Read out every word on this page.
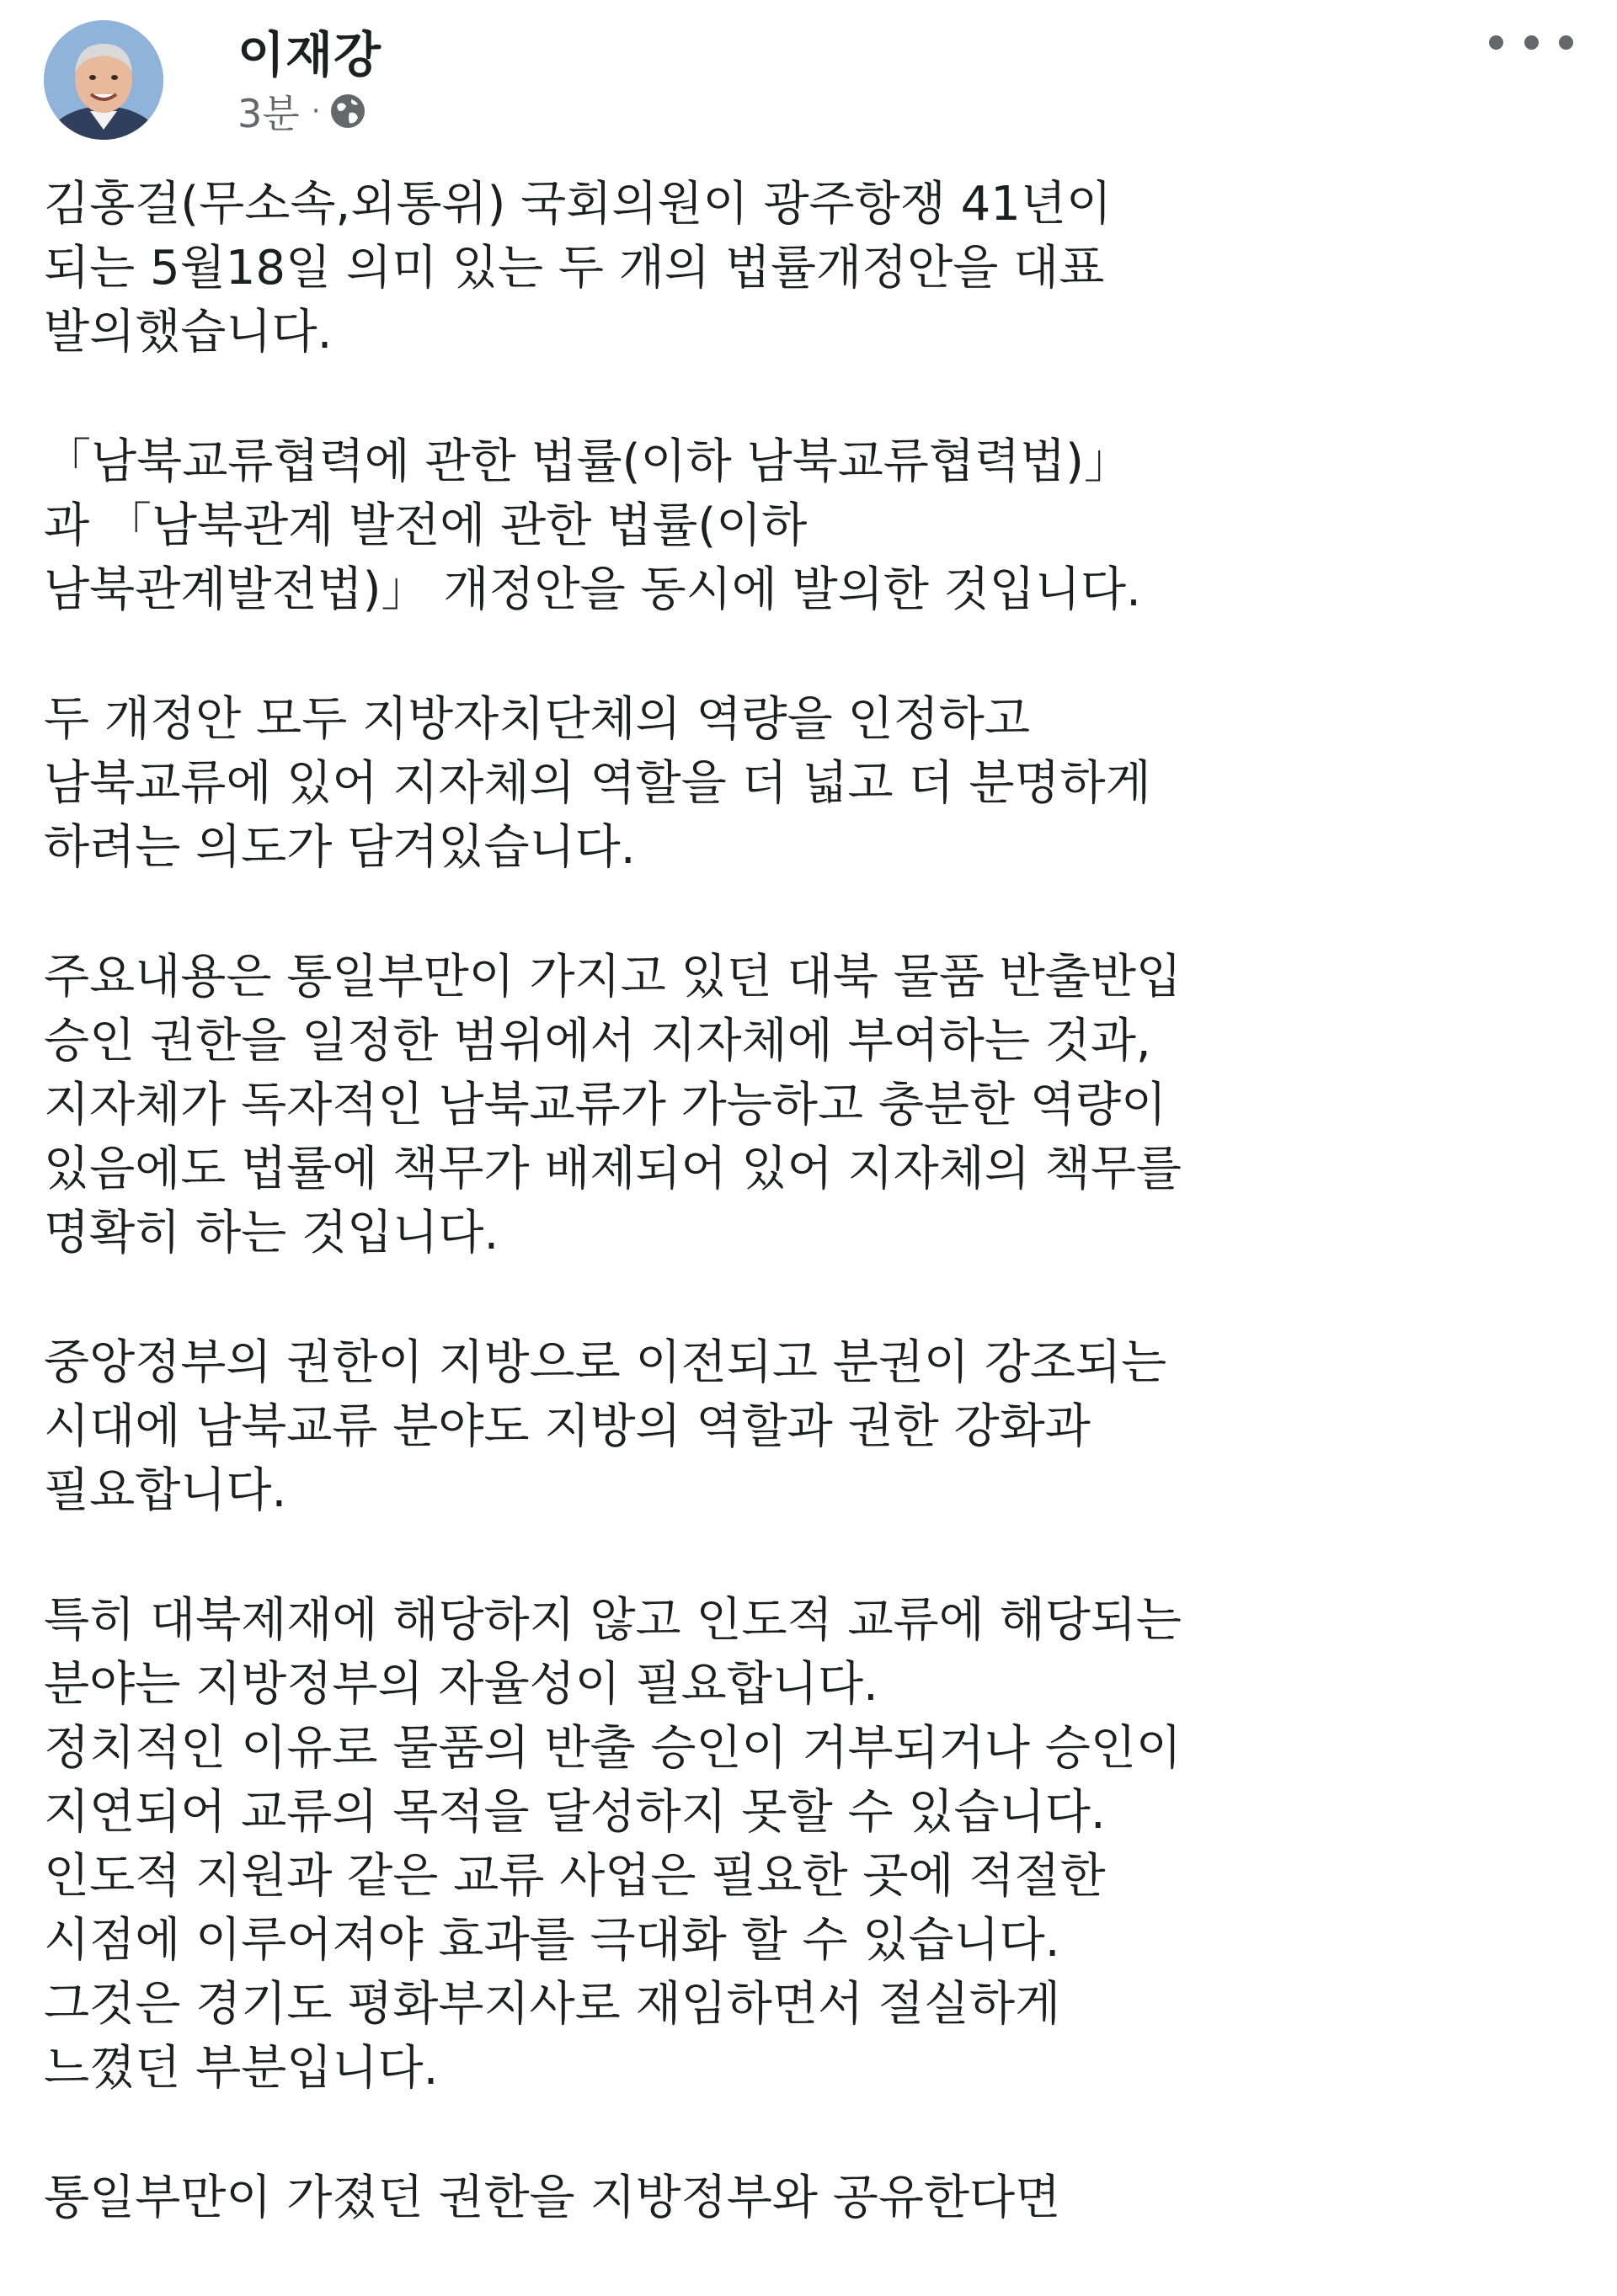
이재강
3분 ·
김홍걸(무소속,외통위) 국회의원이 광주항쟁 41년이
되는 5월18일 의미 있는 두 개의 법률개정안을 대표
발의했습니다.
「남북교류협력에 관한 법률(이하 남북교류협력법)」
과 「남북관계 발전에 관한 법률(이하
남북관계발전법)」 개정안을 동시에 발의한 것입니다.
두 개정안 모두 지방자치단체의 역량을 인정하고
남북교류에 있어 지자체의 역할을 더 넓고 더 분명하게
하려는 의도가 담겨있습니다.
주요내용은 통일부만이 가지고 있던 대북 물품 반출반입
승인 권한을 일정한 범위에서 지자체에 부여하는 것과,
지자체가 독자적인 남북교류가 가능하고 충분한 역량이
있음에도 법률에 책무가 배제되어 있어 지자체의 책무를
명확히 하는 것입니다.
중앙정부의 권한이 지방으로 이전되고 분권이 강조되는
시대에 남북교류 분야도 지방의 역할과 권한 강화과
필요합니다.
특히 대북제재에 해당하지 않고 인도적 교류에 해당되는
분야는 지방정부의 자율성이 필요합니다.
정치적인 이유로 물품의 반출 승인이 거부되거나 승인이
지연되어 교류의 목적을 달성하지 못할 수 있습니다.
인도적 지원과 같은 교류 사업은 필요한 곳에 적절한
시점에 이루어져야 효과를 극대화 할 수 있습니다.
그것은 경기도 평화부지사로 재임하면서 절실하게
느꼈던 부분입니다.
통일부만이 가졌던 권한을 지방정부와 공유한다면
